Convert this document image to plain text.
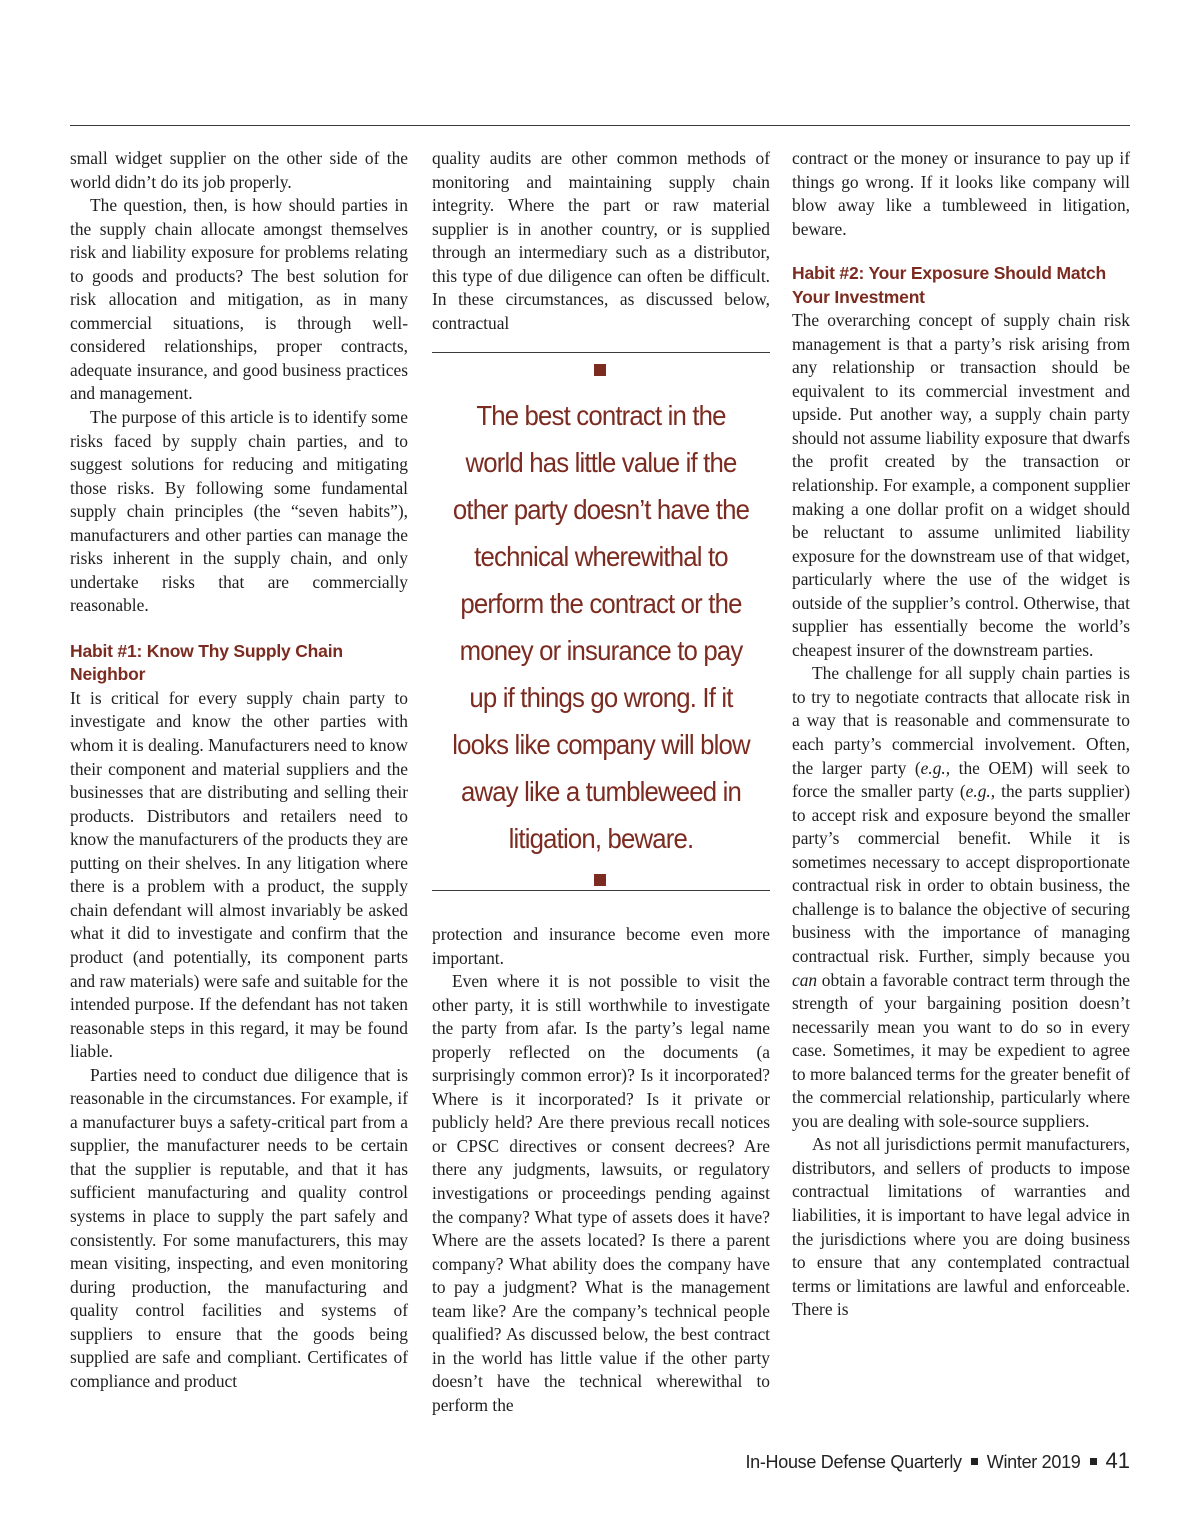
small widget supplier on the other side of the world didn’t do its job properly.

The question, then, is how should parties in the supply chain allocate amongst themselves risk and liability exposure for problems relating to goods and products? The best solution for risk allocation and mitigation, as in many commercial situations, is through well-considered relationships, proper contracts, adequate insurance, and good business practices and management.

The purpose of this article is to identify some risks faced by supply chain parties, and to suggest solutions for reducing and mitigating those risks. By following some fundamental supply chain principles (the “seven habits”), manufacturers and other parties can manage the risks inherent in the supply chain, and only undertake risks that are commercially reasonable.

Habit #1: Know Thy Supply Chain Neighbor

It is critical for every supply chain party to investigate and know the other parties with whom it is dealing. Manufacturers need to know their component and material suppliers and the businesses that are distributing and selling their products. Distributors and retailers need to know the manufacturers of the products they are putting on their shelves. In any litigation where there is a problem with a product, the supply chain defendant will almost invariably be asked what it did to investigate and confirm that the product (and potentially, its component parts and raw materials) were safe and suitable for the intended purpose. If the defendant has not taken reasonable steps in this regard, it may be found liable.

Parties need to conduct due diligence that is reasonable in the circumstances. For example, if a manufacturer buys a safety-critical part from a supplier, the manufacturer needs to be certain that the supplier is reputable, and that it has sufficient manufacturing and quality control systems in place to supply the part safely and consistently. For some manufacturers, this may mean visiting, inspecting, and even monitoring during production, the manufacturing and quality control facilities and systems of suppliers to ensure that the goods being supplied are safe and compliant. Certificates of compliance and product

quality audits are other common methods of monitoring and maintaining supply chain integrity. Where the part or raw material supplier is in another country, or is supplied through an intermediary such as a distributor, this type of due diligence can often be difficult. In these circumstances, as discussed below, contractual

The best contract in the world has little value if the other party doesn’t have the technical wherewithal to perform the contract or the money or insurance to pay up if things go wrong. If it looks like company will blow away like a tumbleweed in litigation, beware.

protection and insurance become even more important.

Even where it is not possible to visit the other party, it is still worthwhile to investigate the party from afar. Is the party’s legal name properly reflected on the documents (a surprisingly common error)? Is it incorporated? Where is it incorporated? Is it private or publicly held? Are there previous recall notices or CPSC directives or consent decrees? Are there any judgments, lawsuits, or regulatory investigations or proceedings pending against the company? What type of assets does it have? Where are the assets located? Is there a parent company? What ability does the company have to pay a judgment? What is the management team like? Are the company’s technical people qualified? As discussed below, the best contract in the world has little value if the other party doesn’t have the technical wherewithal to perform the

contract or the money or insurance to pay up if things go wrong. If it looks like company will blow away like a tumbleweed in litigation, beware.

Habit #2: Your Exposure Should Match Your Investment

The overarching concept of supply chain risk management is that a party’s risk arising from any relationship or transaction should be equivalent to its commercial investment and upside. Put another way, a supply chain party should not assume liability exposure that dwarfs the profit created by the transaction or relationship. For example, a component supplier making a one dollar profit on a widget should be reluctant to assume unlimited liability exposure for the downstream use of that widget, particularly where the use of the widget is outside of the supplier’s control. Otherwise, that supplier has essentially become the world’s cheapest insurer of the downstream parties.

The challenge for all supply chain parties is to try to negotiate contracts that allocate risk in a way that is reasonable and commensurate to each party’s commercial involvement. Often, the larger party (e.g., the OEM) will seek to force the smaller party (e.g., the parts supplier) to accept risk and exposure beyond the smaller party’s commercial benefit. While it is sometimes necessary to accept disproportionate contractual risk in order to obtain business, the challenge is to balance the objective of securing business with the importance of managing contractual risk. Further, simply because you can obtain a favorable contract term through the strength of your bargaining position doesn’t necessarily mean you want to do so in every case. Sometimes, it may be expedient to agree to more balanced terms for the greater benefit of the commercial relationship, particularly where you are dealing with sole-source suppliers.

As not all jurisdictions permit manufacturers, distributors, and sellers of products to impose contractual limitations of warranties and liabilities, it is important to have legal advice in the jurisdictions where you are doing business to ensure that any contemplated contractual terms or limitations are lawful and enforceable. There is

In-House Defense Quarterly Winter 2019 41
